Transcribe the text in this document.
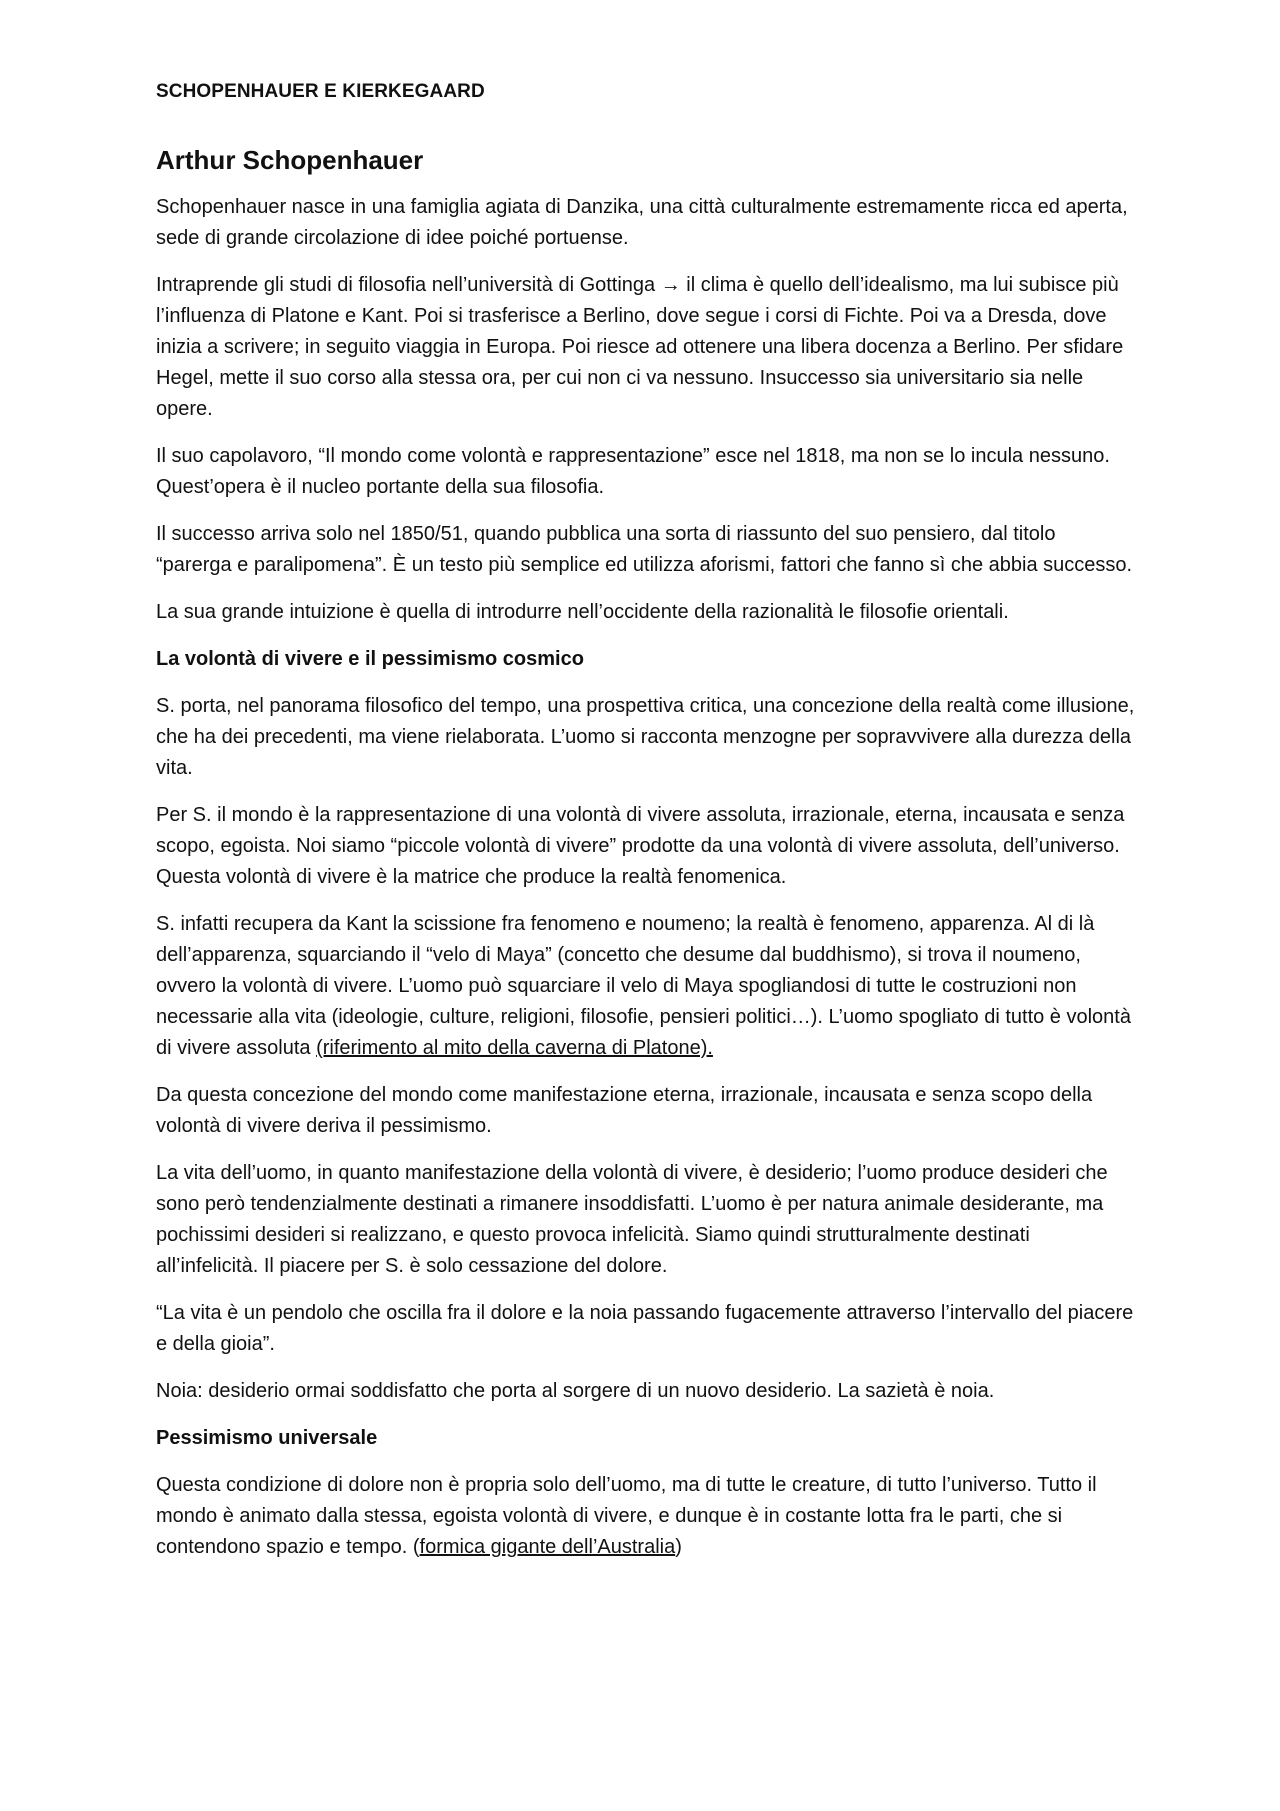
SCHOPENHAUER E KIERKEGAARD
Arthur Schopenhauer

Schopenhauer nasce in una famiglia agiata di Danzika, una città culturalmente estremamente ricca ed aperta, sede di grande circolazione di idee poiché portuense.

Intraprende gli studi di filosofia nell’università di Gottinga → il clima è quello dell’idealismo, ma lui subisce più l’influenza di Platone e Kant. Poi si trasferisce a Berlino, dove segue i corsi di Fichte. Poi va a Dresda, dove inizia a scrivere; in seguito viaggia in Europa. Poi riesce ad ottenere una libera docenza a Berlino. Per sfidare Hegel, mette il suo corso alla stessa ora, per cui non ci va nessuno. Insuccesso sia universitario sia nelle opere.

Il suo capolavoro, “Il mondo come volontà e rappresentazione” esce nel 1818, ma non se lo incula nessuno. Quest’opera è il nucleo portante della sua filosofia.

Il successo arriva solo nel 1850/51, quando pubblica una sorta di riassunto del suo pensiero, dal titolo “parerga e paralipomena”. È un testo più semplice ed utilizza aforismi, fattori che fanno sì che abbia successo.

La sua grande intuizione è quella di introdurre nell’occidente della razionalità le filosofie orientali.

La volontà di vivere e il pessimismo cosmico

S. porta, nel panorama filosofico del tempo, una prospettiva critica, una concezione della realtà come illusione, che ha dei precedenti, ma viene rielaborata. L’uomo si racconta menzogne per sopravvivere alla durezza della vita.

Per S. il mondo è la rappresentazione di una volontà di vivere assoluta, irrazionale, eterna, incausata e senza scopo, egoista. Noi siamo “piccole volontà di vivere” prodotte da una volontà di vivere assoluta, dell’universo. Questa volontà di vivere è la matrice che produce la realtà fenomenica.

S. infatti recupera da Kant la scissione fra fenomeno e noumeno; la realtà è fenomeno, apparenza. Al di là dell’apparenza, squarciando il “velo di Maya” (concetto che desume dal buddhismo), si trova il noumeno, ovvero la volontà di vivere. L’uomo può squarciare il velo di Maya spogliandosi di tutte le costruzioni non necessarie alla vita (ideologie, culture, religioni, filosofie, pensieri politici…). L’uomo spogliato di tutto è volontà di vivere assoluta (riferimento al mito della caverna di Platone).

Da questa concezione del mondo come manifestazione eterna, irrazionale, incausata e senza scopo della volontà di vivere deriva il pessimismo.

La vita dell’uomo, in quanto manifestazione della volontà di vivere, è desiderio; l’uomo produce desideri che sono però tendenzialmente destinati a rimanere insoddisfatti. L’uomo è per natura animale desiderante, ma pochissimi desideri si realizzano, e questo provoca infelicità. Siamo quindi strutturalmente destinati all’infelicità. Il piacere per S. è solo cessazione del dolore.

“La vita è un pendolo che oscilla fra il dolore e la noia passando fugacemente attraverso l’intervallo del piacere e della gioia”.

Noia: desiderio ormai soddisfatto che porta al sorgere di un nuovo desiderio. La sazietà è noia.

Pessimismo universale

Questa condizione di dolore non è propria solo dell’uomo, ma di tutte le creature, di tutto l’universo. Tutto il mondo è animato dalla stessa, egoista volontà di vivere, e dunque è in costante lotta fra le parti, che si contendono spazio e tempo. (formica gigante dell’Australia)
